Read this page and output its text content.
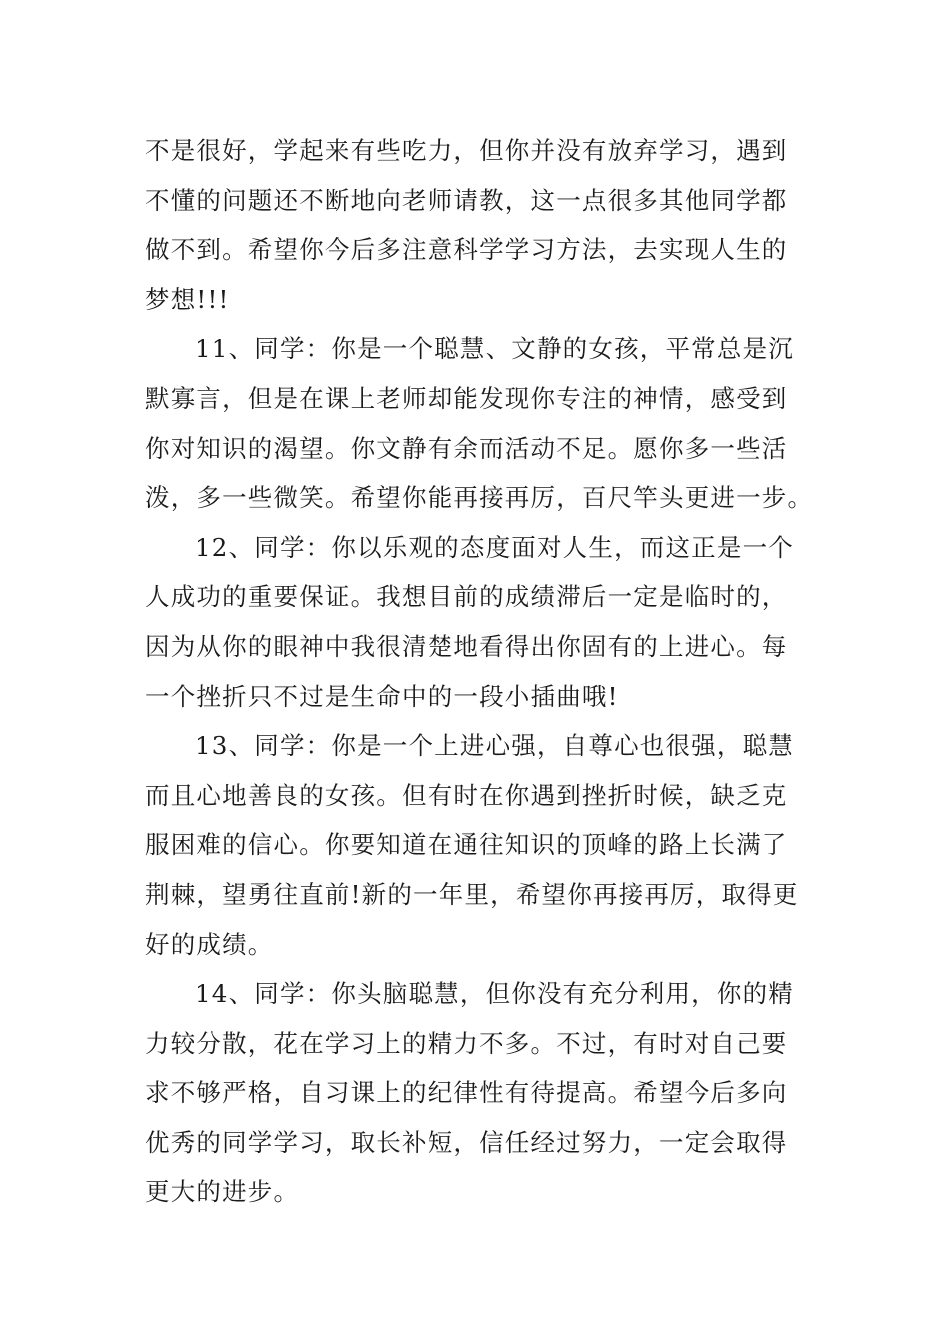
不是很好，学起来有些吃力，但你并没有放弃学习，遇到
不懂的问题还不断地向老师请教，这一点很多其他同学都
做不到。希望你今后多注意科学学习方法，去实现人生的
梦想!!!
11、同学：你是一个聪慧、文静的女孩，平常总是沉
默寡言，但是在课上老师却能发现你专注的神情，感受到
你对知识的渴望。你文静有余而活动不足。愿你多一些活
泼，多一些微笑。希望你能再接再厉，百尺竿头更进一步。
12、同学：你以乐观的态度面对人生，而这正是一个
人成功的重要保证。我想目前的成绩滞后一定是临时的，
因为从你的眼神中我很清楚地看得出你固有的上进心。每
一个挫折只不过是生命中的一段小插曲哦!
13、同学：你是一个上进心强，自尊心也很强，聪慧
而且心地善良的女孩。但有时在你遇到挫折时候，缺乏克
服困难的信心。你要知道在通往知识的顶峰的路上长满了
荆棘，望勇往直前!新的一年里，希望你再接再厉，取得更
好的成绩。
14、同学：你头脑聪慧，但你没有充分利用，你的精
力较分散，花在学习上的精力不多。不过，有时对自己要
求不够严格，自习课上的纪律性有待提高。希望今后多向
优秀的同学学习，取长补短，信任经过努力，一定会取得
更大的进步。
